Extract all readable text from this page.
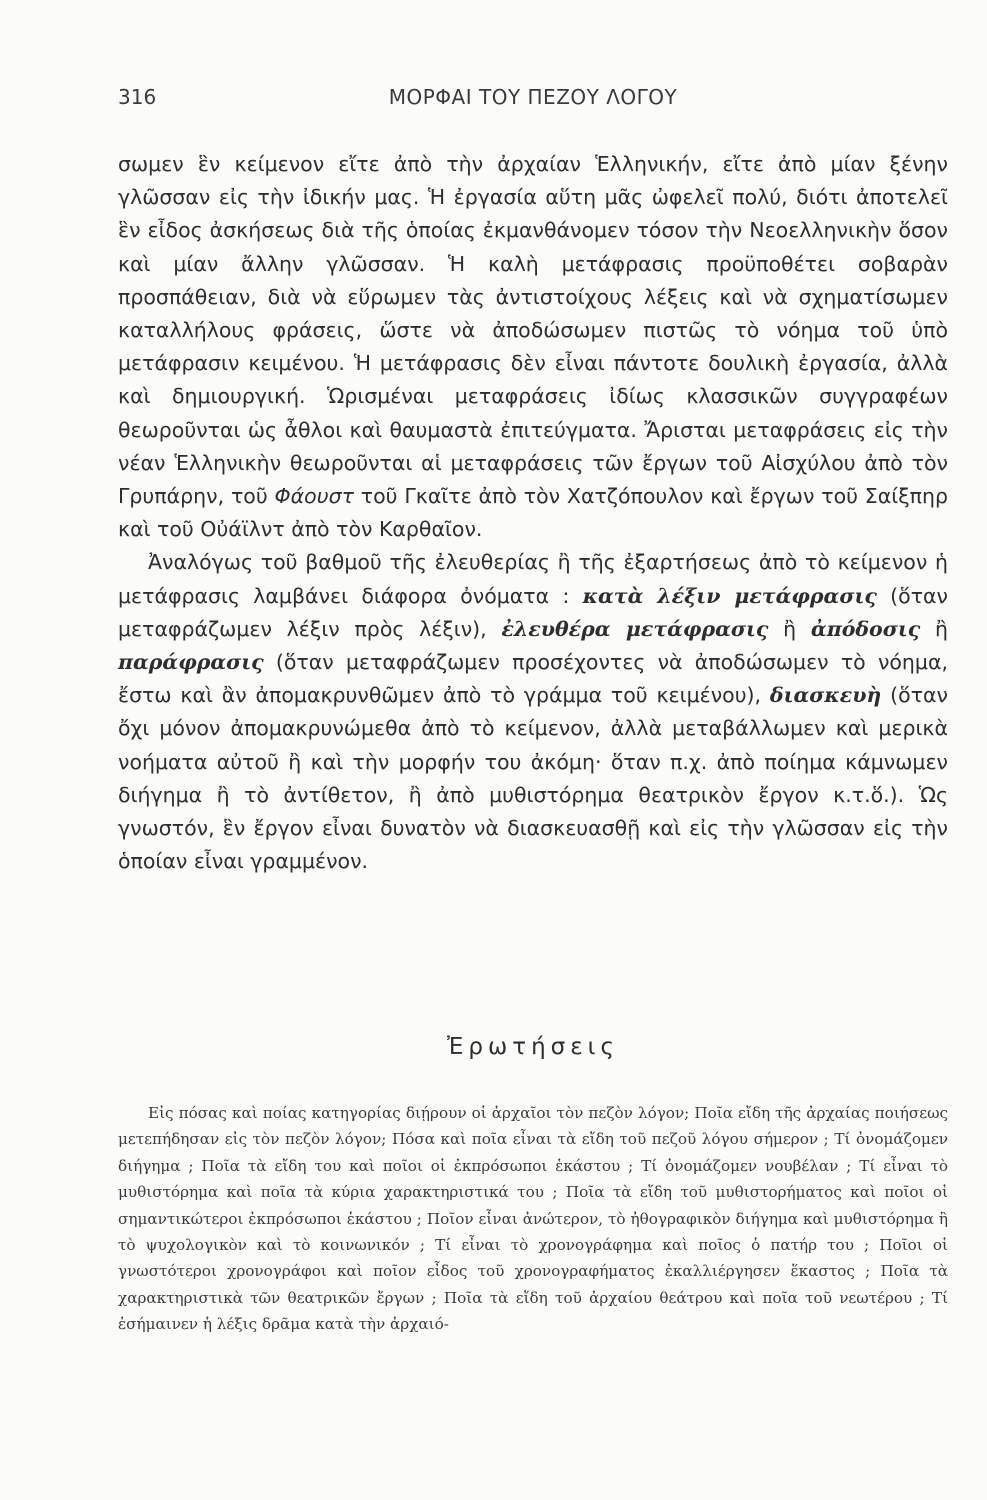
316	ΜΟΡΦΑΙ ΤΟΥ ΠΕΖΟΥ ΛΟΓΟΥ

σωμεν ἓν κείμενον εἴτε ἀπὸ τὴν ἀρχαίαν Ἑλληνικήν, εἴτε ἀπὸ μίαν ξένην γλῶσσαν εἰς τὴν ἰδικήν μας. Ἡ ἐργασία αὕτη μᾶς ὠφελεῖ πολύ, διότι ἀποτελεῖ ἓν εἶδος ἀσκήσεως διὰ τῆς ὁποίας ἐκμανθάνομεν τόσον τὴν Νεοελληνικὴν ὅσον καὶ μίαν ἄλλην γλῶσσαν. Ἡ καλὴ μετάφρασις προϋποθέτει σοβαρὰν προσπάθειαν, διὰ νὰ εὕρωμεν τὰς ἀντιστοίχους λέξεις καὶ νὰ σχηματίσωμεν καταλλήλους φράσεις, ὥστε νὰ ἀποδώσωμεν πιστῶς τὸ νόημα τοῦ ὑπὸ μετάφρασιν κειμένου. Ἡ μετάφρασις δὲν εἶναι πάντοτε δουλικὴ ἐργασία, ἀλλὰ καὶ δημιουργική. Ὡρισμέναι μεταφράσεις ἰδίως κλασσικῶν συγγραφέων θεωροῦνται ὡς ἆθλοι καὶ θαυμαστὰ ἐπιτεύγματα. Ἄρισται μεταφράσεις εἰς τὴν νέαν Ἑλληνικὴν θεωροῦνται αἱ μεταφράσεις τῶν ἔργων τοῦ Αἰσχύλου ἀπὸ τὸν Γρυπάρην, τοῦ Φάουστ τοῦ Γκαῖτε ἀπὸ τὸν Χατζόπουλον καὶ ἔργων τοῦ Σαίξπηρ καὶ τοῦ Οὐάϊλντ ἀπὸ τὸν Καρθαῖον.

Ἀναλόγως τοῦ βαθμοῦ τῆς ἐλευθερίας ἢ τῆς ἐξαρτήσεως ἀπὸ τὸ κείμενον ἡ μετάφρασις λαμβάνει διάφορα ὀνόματα : κατὰ λέξιν μετάφρασις (ὅταν μεταφράζωμεν λέξιν πρὸς λέξιν), ἐλευθέρα μετάφρασις ἢ ἀπόδοσις ἢ παράφρασις (ὅταν μεταφράζωμεν προσέχοντες νὰ ἀποδώσωμεν τὸ νόημα, ἔστω καὶ ἂν ἀπομακρυνθῶμεν ἀπὸ τὸ γράμμα τοῦ κειμένου), διασκευὴ (ὅταν ὄχι μόνον ἀπομακρυνώμεθα ἀπὸ τὸ κείμενον, ἀλλὰ μεταβάλλωμεν καὶ μερικὰ νοήματα αὐτοῦ ἢ καὶ τὴν μορφήν του ἀκόμη· ὅταν π.χ. ἀπὸ ποίημα κάμνωμεν διήγημα ἢ τὸ ἀντίθετον, ἢ ἀπὸ μυθιστόρημα θεατρικὸν ἔργον κ.τ.ὅ.). Ὡς γνωστόν, ἓν ἔργον εἶναι δυνατὸν νὰ διασκευασθῇ καὶ εἰς τὴν γλῶσσαν εἰς τὴν ὁποίαν εἶναι γραμμένον.

Ἐρωτήσεις

Εἰς πόσας καὶ ποίας κατηγορίας διῄρουν οἱ ἀρχαῖοι τὸν πεζὸν λόγον; Ποῖα εἴδη τῆς ἀρχαίας ποιήσεως μετεπήδησαν εἰς τὸν πεζὸν λόγον; Πόσα καὶ ποῖα εἶναι τὰ εἴδη τοῦ πεζοῦ λόγου σήμερον ; Τί ὀνομάζομεν διήγημα ; Ποῖα τὰ εἴδη του καὶ ποῖοι οἱ ἐκπρόσωποι ἑκάστου ; Τί ὀνομάζομεν νουβέλαν ; Τί εἶναι τὸ μυθιστόρημα καὶ ποῖα τὰ κύρια χαρακτηριστικά του ; Ποῖα τὰ εἴδη τοῦ μυθιστορήματος καὶ ποῖοι οἱ σημαντικώτεροι ἐκπρόσωποι ἑκάστου ; Ποῖον εἶναι ἀνώτερον, τὸ ἠθογραφικὸν διήγημα καὶ μυθιστόρημα ἢ τὸ ψυχολογικὸν καὶ τὸ κοινωνικόν ; Τί εἶναι τὸ χρονογράφημα καὶ ποῖος ὁ πατήρ του ; Ποῖοι οἱ γνωστότεροι χρονογράφοι καὶ ποῖον εἶδος τοῦ χρονογραφήματος ἐκαλλιέργησεν ἕκαστος ; Ποῖα τὰ χαρακτηριστικὰ τῶν θεατρικῶν ἔργων ; Ποῖα τὰ εἴδη τοῦ ἀρχαίου θεάτρου καὶ ποῖα τοῦ νεωτέρου ; Τί ἐσήμαινεν ἡ λέξις δρᾶμα κατὰ τὴν ἀρχαιό-
